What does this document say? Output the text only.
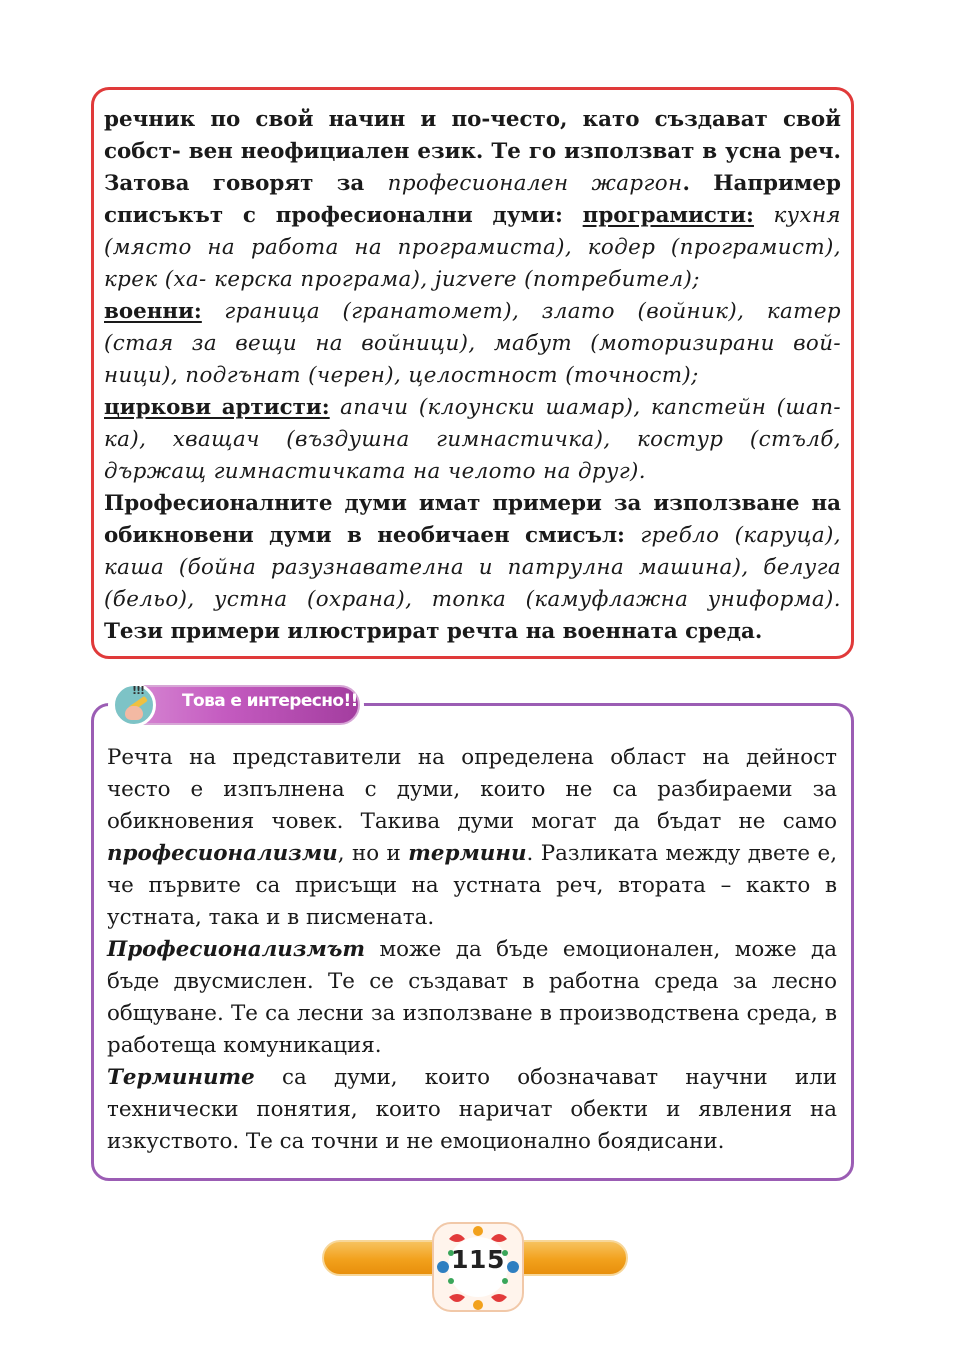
речник по свой начин и по-често, като създават свой собст- вен неофициален език. Те го използват в усна реч. Затова говорят за професионален жаргон. Например списъкът с професионални думи: програмисти: кухня (място на работа на програмиста), кодер (програмист), крек (ха- керска програма), juzvere (потребител);
военни: граница (гранатомет), злато (войник), катер (стая за вещи на войници), мабут (моторизирани вой- ници), подгънат (черен), целостност (точност);
циркови артисти: апачи (клоунски шамар), капстейн (шап- ка), хващач (въздушна гимнастичка), костур (стълб, държащ гимнастичката на челото на друг).
Професионалните думи имат примери за използване на обикновени думи в необичаен смисъл: гребло (каруца), каша (бойна разузнавателна и патрулна машина), белуга (бельо), устна (охрана), топка (камуфлажна униформа). Тези примери илюстрират речта на военната среда.

Речта на представители на определена област на дейност често е изпълнена с думи, които не са разбираеми за обикновения човек. Такива думи могат да бъдат не само професионализми, но и термини. Разликата между двете е, че първите са присъщи на устната реч, втората – както в устната, така и в писмената.

Професионализмът може да бъде емоционален, може да бъде двусмислен. Те се създават в работна среда за лесно общуване. Те са лесни за използване в производствена среда, в работеща комуникация.

Термините са думи, които обозначават научни или технически понятия, които наричат обекти и явления на изкуството. Те са точни и не емоционално боядисани.

!!!
Това е интересно!!!
115
